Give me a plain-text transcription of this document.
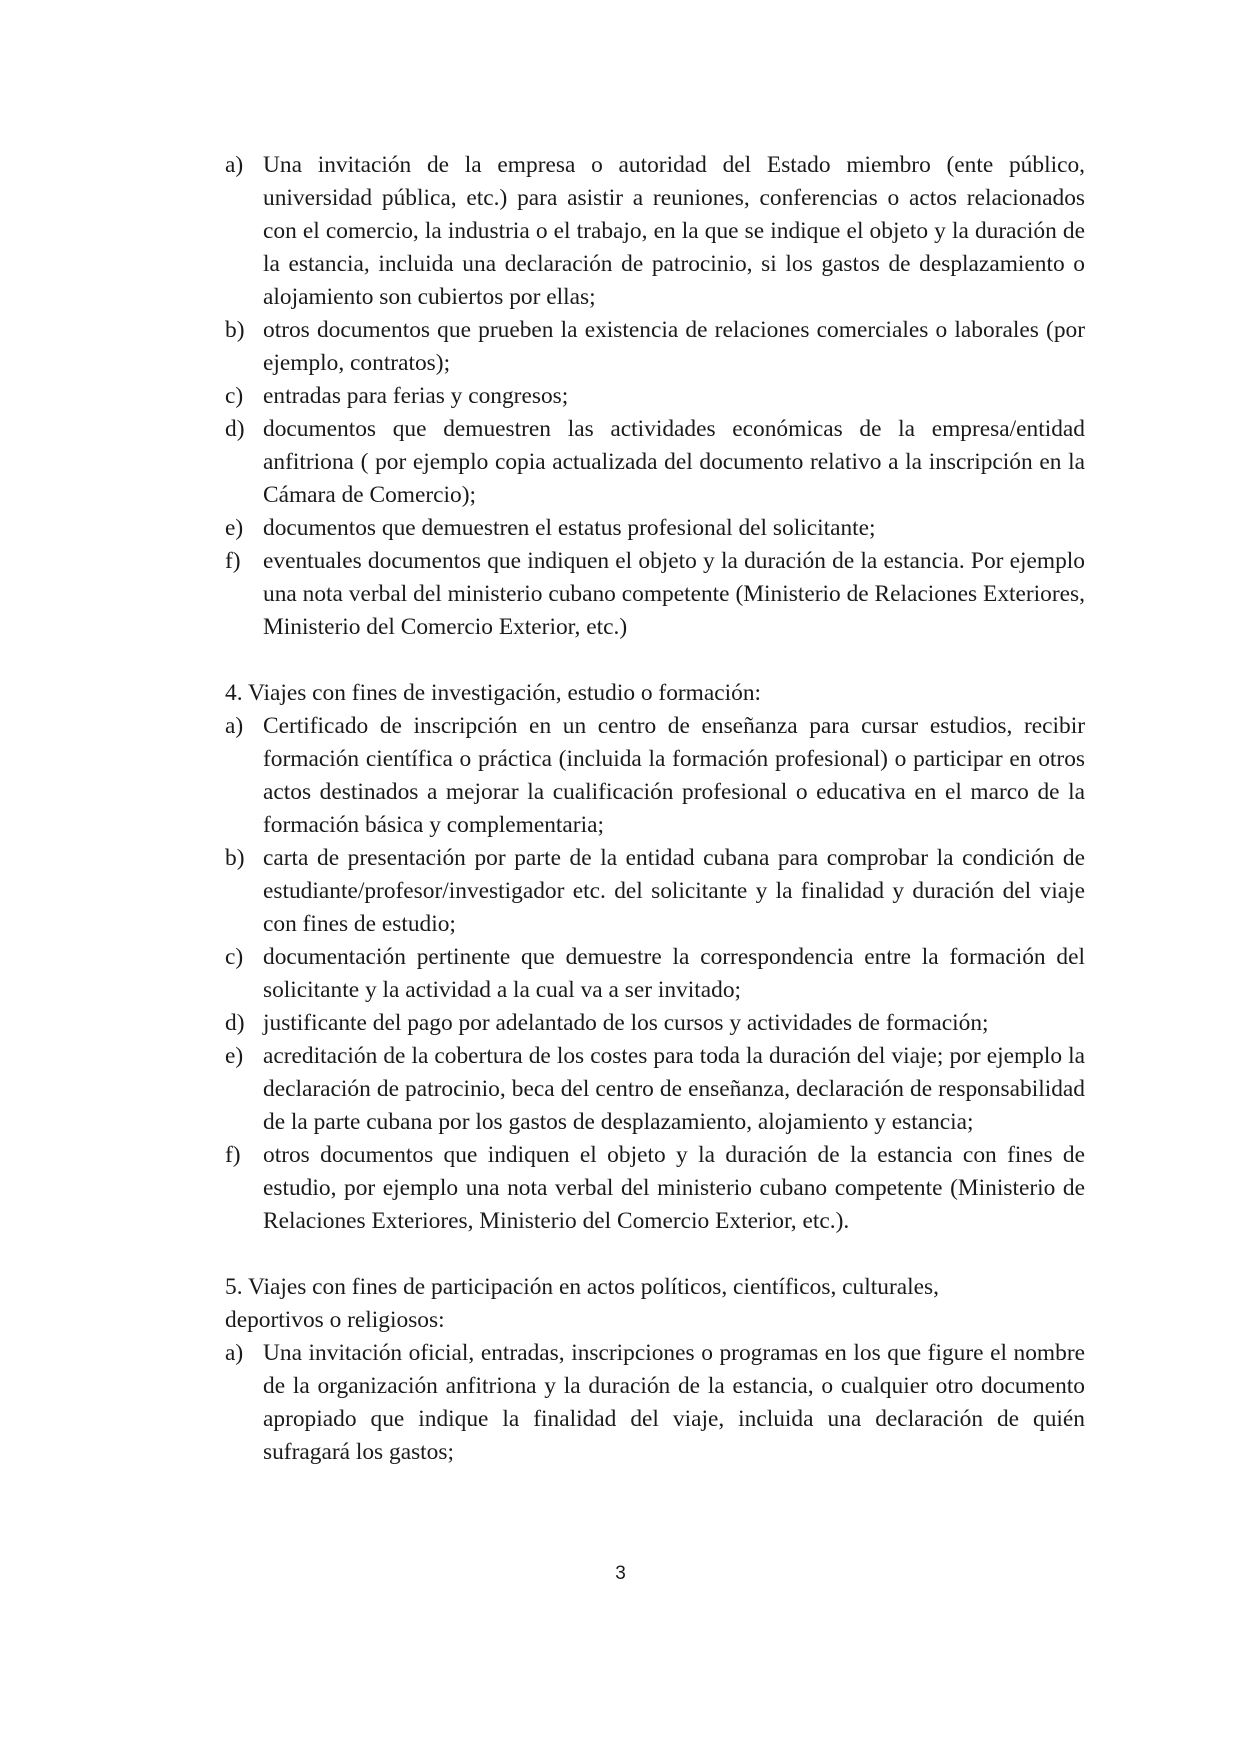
a) Una invitación de la empresa o autoridad del Estado miembro (ente público, universidad pública, etc.) para asistir a reuniones, conferencias o actos relacionados con el comercio, la industria o el trabajo, en la que se indique el objeto y la duración de la estancia, incluida una declaración de patrocinio, si los gastos de desplazamiento o alojamiento son cubiertos por ellas;
b) otros documentos que prueben la existencia de relaciones comerciales o laborales (por ejemplo, contratos);
c) entradas para ferias y congresos;
d) documentos que demuestren las actividades económicas de la empresa/entidad anfitriona ( por ejemplo copia actualizada del documento relativo a la inscripción en la Cámara de Comercio);
e) documentos que demuestren el estatus profesional del solicitante;
f) eventuales documentos que indiquen el objeto y la duración de la estancia. Por ejemplo una nota verbal del ministerio cubano competente (Ministerio de Relaciones Exteriores, Ministerio del Comercio Exterior, etc.)

4. Viajes con fines de investigación, estudio o formación:

a) Certificado de inscripción en un centro de enseñanza para cursar estudios, recibir formación científica o práctica (incluida la formación profesional) o participar en otros actos destinados a mejorar la cualificación profesional o educativa en el marco de la formación básica y complementaria;
b) carta de presentación por parte de la entidad cubana para comprobar la condición de estudiante/profesor/investigador etc. del solicitante y la finalidad y duración del viaje con fines de estudio;
c) documentación pertinente que demuestre la correspondencia entre la formación del solicitante y la actividad a la cual va a ser invitado;
d) justificante del pago por adelantado de los cursos y actividades de formación;
e) acreditación de la cobertura de los costes para toda la duración del viaje; por ejemplo la declaración de patrocinio, beca del centro de enseñanza, declaración de responsabilidad de la parte cubana por los gastos de desplazamiento, alojamiento y estancia;
f) otros documentos que indiquen el objeto y la duración de la estancia con fines de estudio, por ejemplo una nota verbal del ministerio cubano competente (Ministerio de Relaciones Exteriores, Ministerio del Comercio Exterior, etc.).

5. Viajes con fines de participación en actos políticos, científicos, culturales,
deportivos o religiosos:

a) Una invitación oficial, entradas, inscripciones o programas en los que figure el nombre de la organización anfitriona y la duración de la estancia, o cualquier otro documento apropiado que indique la finalidad del viaje, incluida una declaración de quién sufragará los gastos;
3
